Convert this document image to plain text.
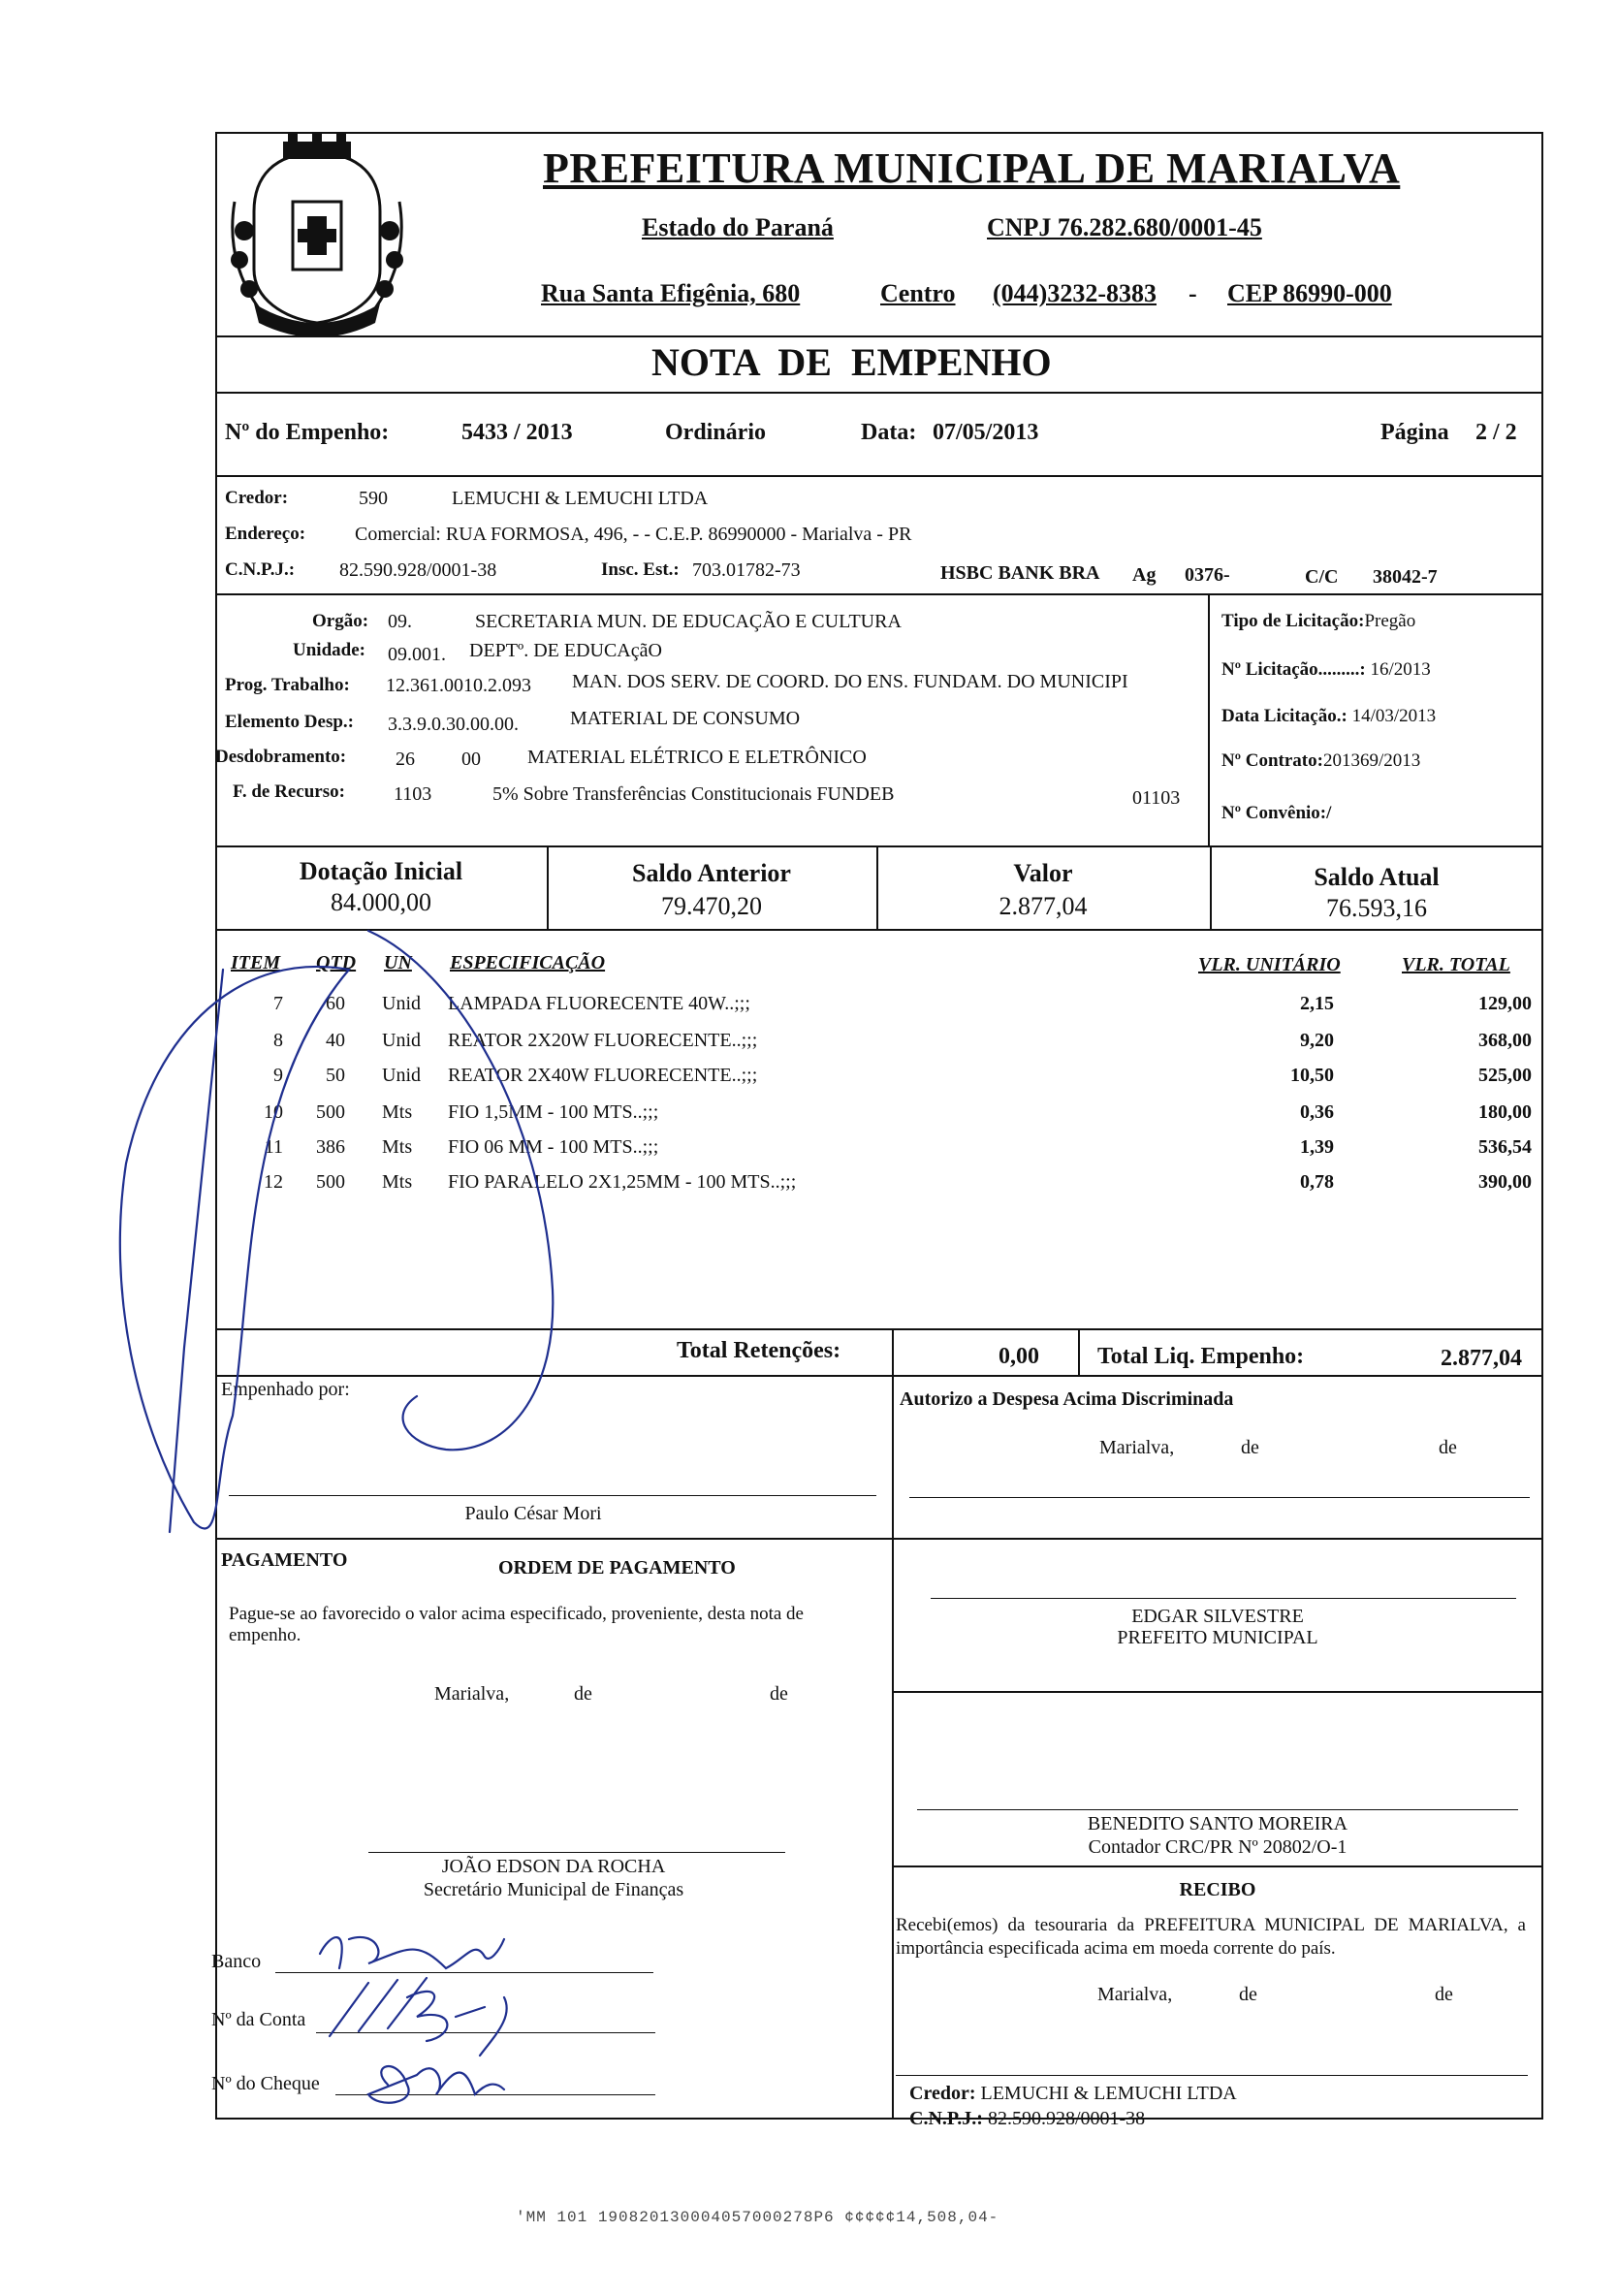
PREFEITURA MUNICIPAL DE MARIALVA
Estado do Paraná	CNPJ 76.282.680/0001-45
Rua Santa Efigênia, 680	Centro (044)3232-8383 - CEP 86990-000
NOTA DE EMPENHO
Nº do Empenho:	5433 / 2013	Ordinário	Data: 07/05/2013	Página 2 / 2
Credor:	590	LEMUCHI & LEMUCHI LTDA
Endereço:	Comercial: RUA FORMOSA, 496, - - C.E.P. 86990000 - Marialva - PR
C.N.P.J.: 82.590.928/0001-38	Insc. Est.: 703.01782-73	HSBC BANK BRA Ag 0376-	C/C 38042-7
Orgão: 09.	SECRETARIA MUN. DE EDUCAÇÃO E CULTURA
Unidade: 09.001. DEPTº. DE EDUCAçãO
Prog. Trabalho: 12.361.0010.2.093 MAN. DOS SERV. DE COORD. DO ENS. FUNDAM. DO MUNICIPI
Elemento Desp.: 3.3.9.0.30.00.00.	MATERIAL DE CONSUMO
Desdobramento:	26 00 MATERIAL ELÉTRICO E ELETRÔNICO
F. de Recurso:	1103	5% Sobre Transferências Constitucionais FUNDEB	01103
Tipo de Licitação:Pregão
Nº Licitação.........: 16/2013
Data Licitação.: 14/03/2013
Nº Contrato:201369/2013
Nº Convênio:/
Dotação Inicial
84.000,00
Saldo Anterior
79.470,20
Valor
2.877,04
Saldo Atual
76.593,16
ITEM QTD UN ESPECIFICAÇÃO	VLR. UNITÁRIO	VLR. TOTAL
7	60 Unid LAMPADA FLUORECENTE 40W..;;;	2,15	129,00
8	40 Unid REATOR 2X20W FLUORECENTE..;;;	9,20	368,00
9	50 Unid REATOR 2X40W FLUORECENTE..;;;	10,50	525,00
10	500 Mts FIO 1,5MM - 100 MTS..;;;	0,36	180,00
11	386 Mts FIO 06 MM - 100 MTS..;;;	1,39	536,54
12	500 Mts FIO PARALELO 2X1,25MM - 100 MTS..;;;	0,78	390,00
Total Retenções:	0,00	Total Liq. Empenho:	2.877,04
Empenhado por:
Paulo César Mori
Autorizo a Despesa Acima Discriminada
Marialva,	de	de
PAGAMENTO	ORDEM DE PAGAMENTO
Pague-se ao favorecido o valor acima especificado, proveniente, desta nota de empenho.
Marialva,	de	de
EDGAR SILVESTRE
PREFEITO MUNICIPAL
BENEDITO SANTO MOREIRA
Contador CRC/PR Nº 20802/O-1
JOÃO EDSON DA ROCHA
Secretário Municipal de Finanças
Banco
Nº da Conta
Nº do Cheque
RECIBO
Recebi(emos) da tesouraria da PREFEITURA MUNICIPAL DE MARIALVA, a importância especificada acima em moeda corrente do país.
Marialva,	de	de
Credor: LEMUCHI & LEMUCHI LTDA
C.N.P.J.: 82.590.928/0001-38
'MM 101 190820130004057000278P6 ¢¢¢¢¢14,508,04-
